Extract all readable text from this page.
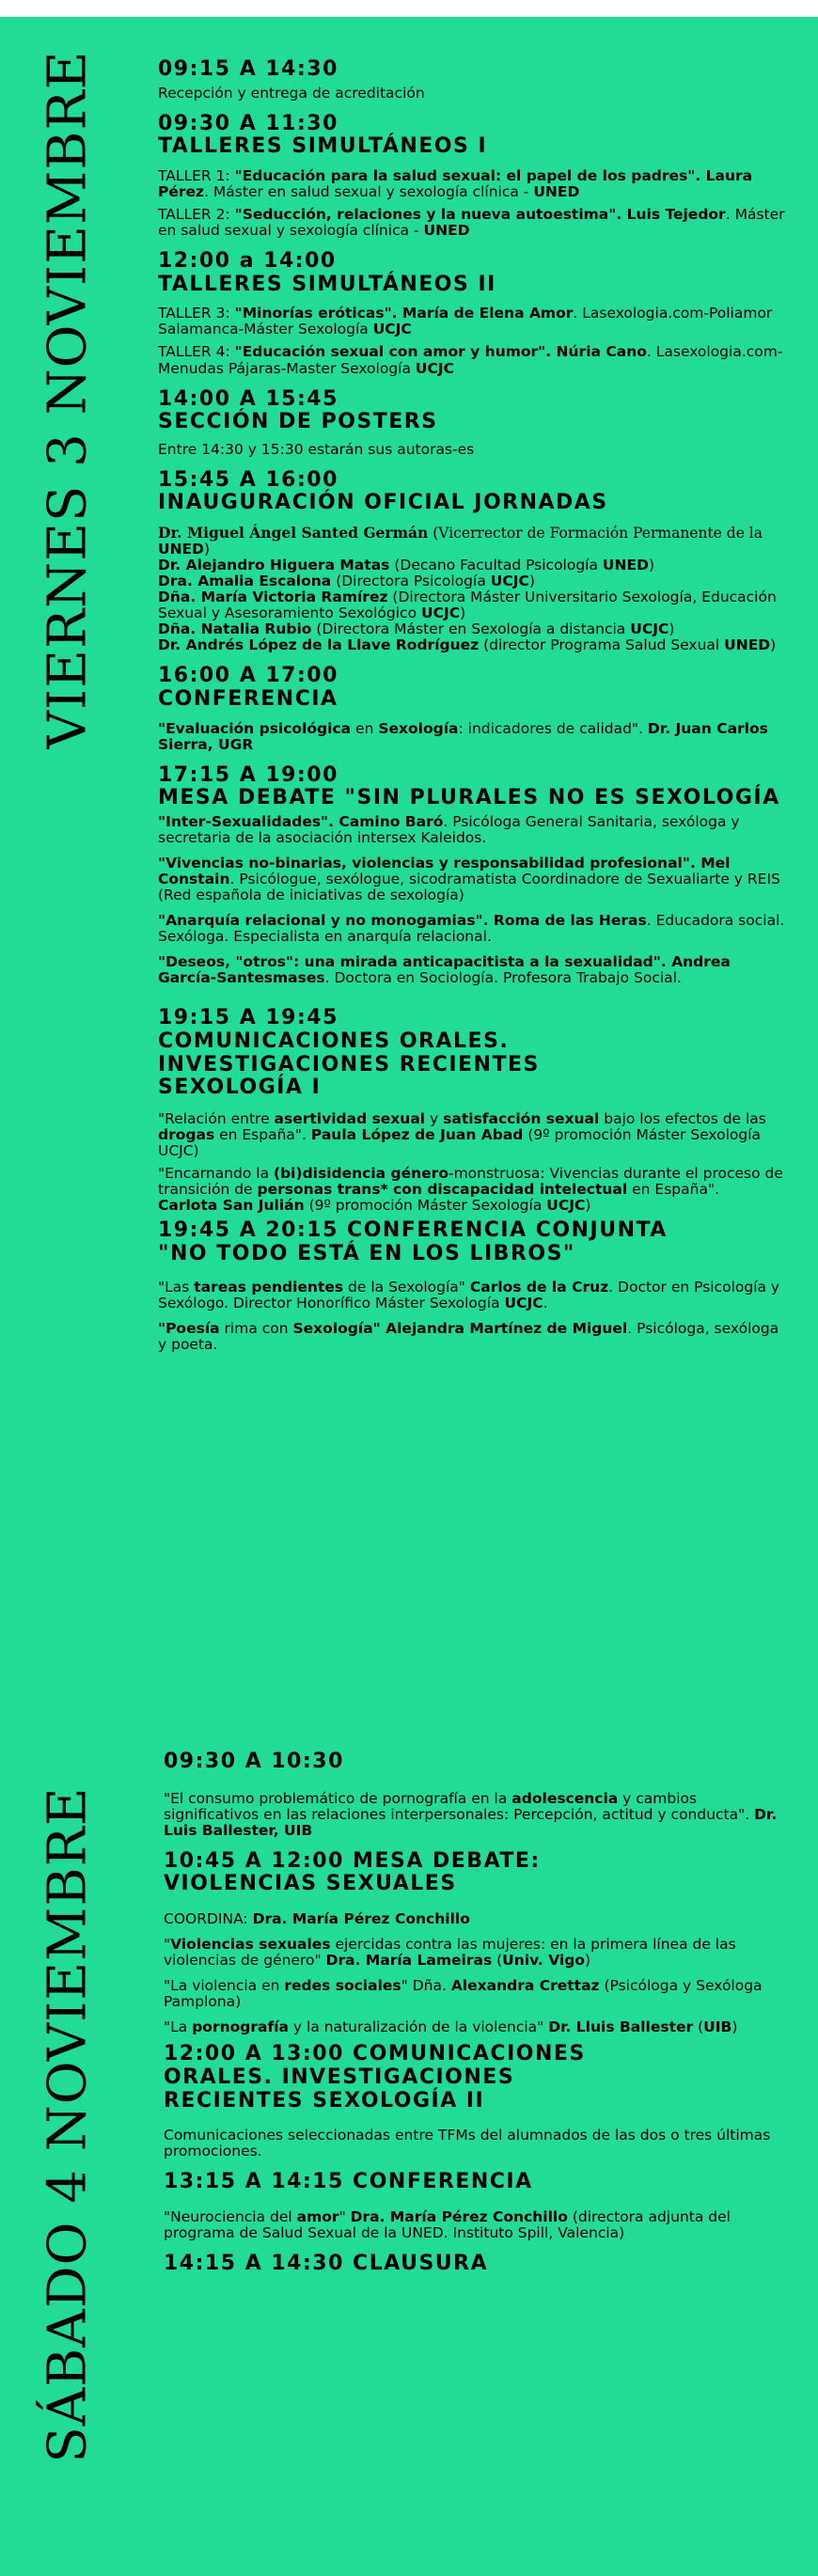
VIERNES 3 NOVIEMBRE
SÁBADO 4 NOVIEMBRE

09:15 A 14:30

Recepción y entrega de acreditación

09:30 A 11:30

TALLERES SIMULTÁNEOS I

TALLER 1: "Educación para la salud sexual: el papel de los padres". Laura Pérez. Máster en salud sexual y sexología clínica - UNED

TALLER 2: "Seducción, relaciones y la nueva autoestima". Luis Tejedor. Máster en salud sexual y sexología clínica - UNED

12:00 a 14:00

TALLERES SIMULTÁNEOS II

TALLER 3: "Minorías eróticas". María de Elena Amor. Lasexologia.com-Poliamor Salamanca-Máster Sexología UCJC

TALLER 4: "Educación sexual con amor y humor". Núria Cano. Lasexologia.com-Menudas Pájaras-Master Sexología UCJC

14:00 A 15:45

SECCIÓN DE POSTERS

Entre 14:30 y 15:30 estarán sus autoras-es

15:45 A 16:00

INAUGURACIÓN OFICIAL JORNADAS

Dr. Miguel Ángel Santed Germán (Vicerrector de Formación Permanente de la UNED)
Dr. Alejandro Higuera Matas (Decano Facultad Psicología UNED)
Dra. Amalia Escalona (Directora Psicología UCJC)
Dña. María Victoria Ramírez (Directora Máster Universitario Sexología, Educación Sexual y Asesoramiento Sexológico UCJC)
Dña. Natalia Rubio (Directora Máster en Sexología a distancia UCJC)
Dr. Andrés López de la Llave Rodríguez (director Programa Salud Sexual UNED)

16:00 A 17:00

CONFERENCIA

"Evaluación psicológica en Sexología: indicadores de calidad". Dr. Juan Carlos Sierra, UGR

17:15 A 19:00

MESA DEBATE "SIN PLURALES NO ES SEXOLOGÍA

"Inter-Sexualidades". Camino Baró. Psicóloga General Sanitaria, sexóloga y secretaria de la asociación intersex Kaleidos.

"Vivencias no-binarias, violencias y responsabilidad profesional". Mel Constain. Psicólogue, sexólogue, sicodramatista Coordinadore de Sexualiarte y REIS (Red española de iniciativas de sexología)

"Anarquía relacional y no monogamias". Roma de las Heras. Educadora social. Sexóloga. Especialista en anarquía relacional.

"Deseos, "otros": una mirada anticapacitista a la sexualidad". Andrea García-Santesmases. Doctora en Sociología. Profesora Trabajo Social.

19:15 A 19:45

COMUNICACIONES ORALES. INVESTIGACIONES RECIENTES SEXOLOGÍA I

"Relación entre asertividad sexual y satisfacción sexual bajo los efectos de las drogas en España". Paula López de Juan Abad (9º promoción Máster Sexología UCJC)

"Encarnando la (bi)disidencia género-monstruosa: Vivencias durante el proceso de transición de personas trans* con discapacidad intelectual en España".
Carlota San Julián (9º promoción Máster Sexología UCJC)

19:45 A 20:15 CONFERENCIA CONJUNTA "NO TODO ESTÁ EN LOS LIBROS"

"Las tareas pendientes de la Sexología" Carlos de la Cruz. Doctor en Psicología y Sexólogo. Director Honorífico Máster Sexología UCJC.

"Poesía rima con Sexología" Alejandra Martínez de Miguel. Psicóloga, sexóloga y poeta.

09:30 A 10:30

"El consumo problemático de pornografía en la adolescencia y cambios significativos en las relaciones interpersonales: Percepción, actitud y conducta". Dr. Luis Ballester, UIB

10:45 A 12:00 MESA DEBATE: VIOLENCIAS SEXUALES

COORDINA: Dra. María Pérez Conchillo

"Violencias sexuales ejercidas contra las mujeres: en la primera línea de las violencias de género" Dra. María Lameiras (Univ. Vigo)

"La violencia en redes sociales" Dña. Alexandra Crettaz (Psicóloga y Sexóloga Pamplona)

"La pornografía y la naturalización de la violencia" Dr. Lluis Ballester (UIB)

12:00 A 13:00 COMUNICACIONES ORALES. INVESTIGACIONES RECIENTES SEXOLOGÍA II

Comunicaciones seleccionadas entre TFMs del alumnados de las dos o tres últimas promociones.

13:15 A 14:15 CONFERENCIA

"Neurociencia del amor" Dra. María Pérez Conchillo (directora adjunta del programa de Salud Sexual de la UNED. Instituto Spill, Valencia)

14:15 A 14:30 CLAUSURA
